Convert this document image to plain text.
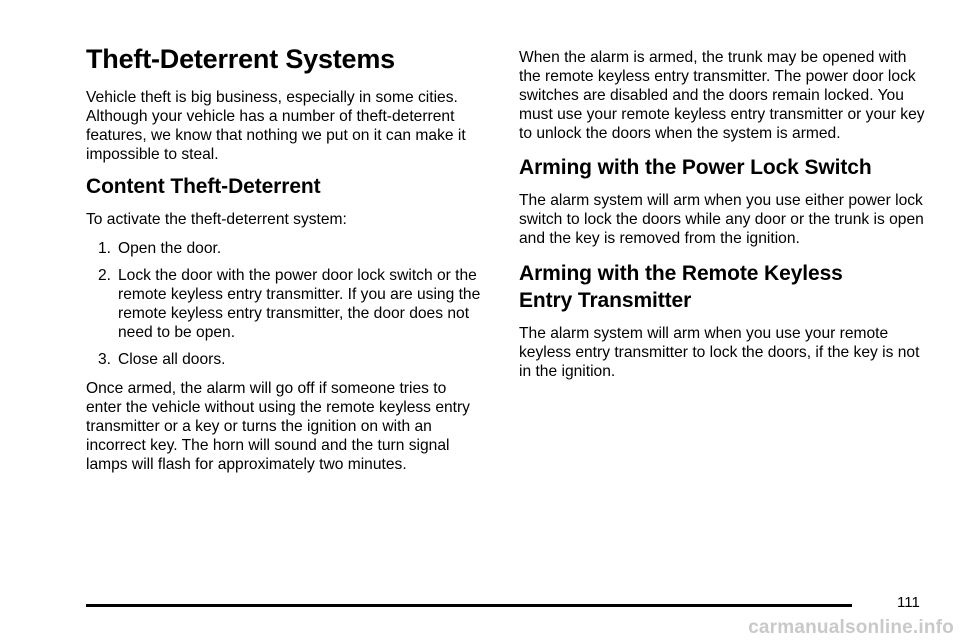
Theft-Deterrent Systems

Vehicle theft is big business, especially in some cities. Although your vehicle has a number of theft-deterrent features, we know that nothing we put on it can make it impossible to steal.

Content Theft-Deterrent

To activate the theft-deterrent system:

1. Open the door.
2. Lock the door with the power door lock switch or the remote keyless entry transmitter. If you are using the remote keyless entry transmitter, the door does not need to be open.
3. Close all doors.

Once armed, the alarm will go off if someone tries to enter the vehicle without using the remote keyless entry transmitter or a key or turns the ignition on with an incorrect key. The horn will sound and the turn signal lamps will flash for approximately two minutes.

When the alarm is armed, the trunk may be opened with the remote keyless entry transmitter. The power door lock switches are disabled and the doors remain locked. You must use your remote keyless entry transmitter or your key to unlock the doors when the system is armed.

Arming with the Power Lock Switch

The alarm system will arm when you use either power lock switch to lock the doors while any door or the trunk is open and the key is removed from the ignition.

Arming with the Remote Keyless
Entry Transmitter

The alarm system will arm when you use your remote keyless entry transmitter to lock the doors, if the key is not in the ignition.

111
carmanualsonline.info
